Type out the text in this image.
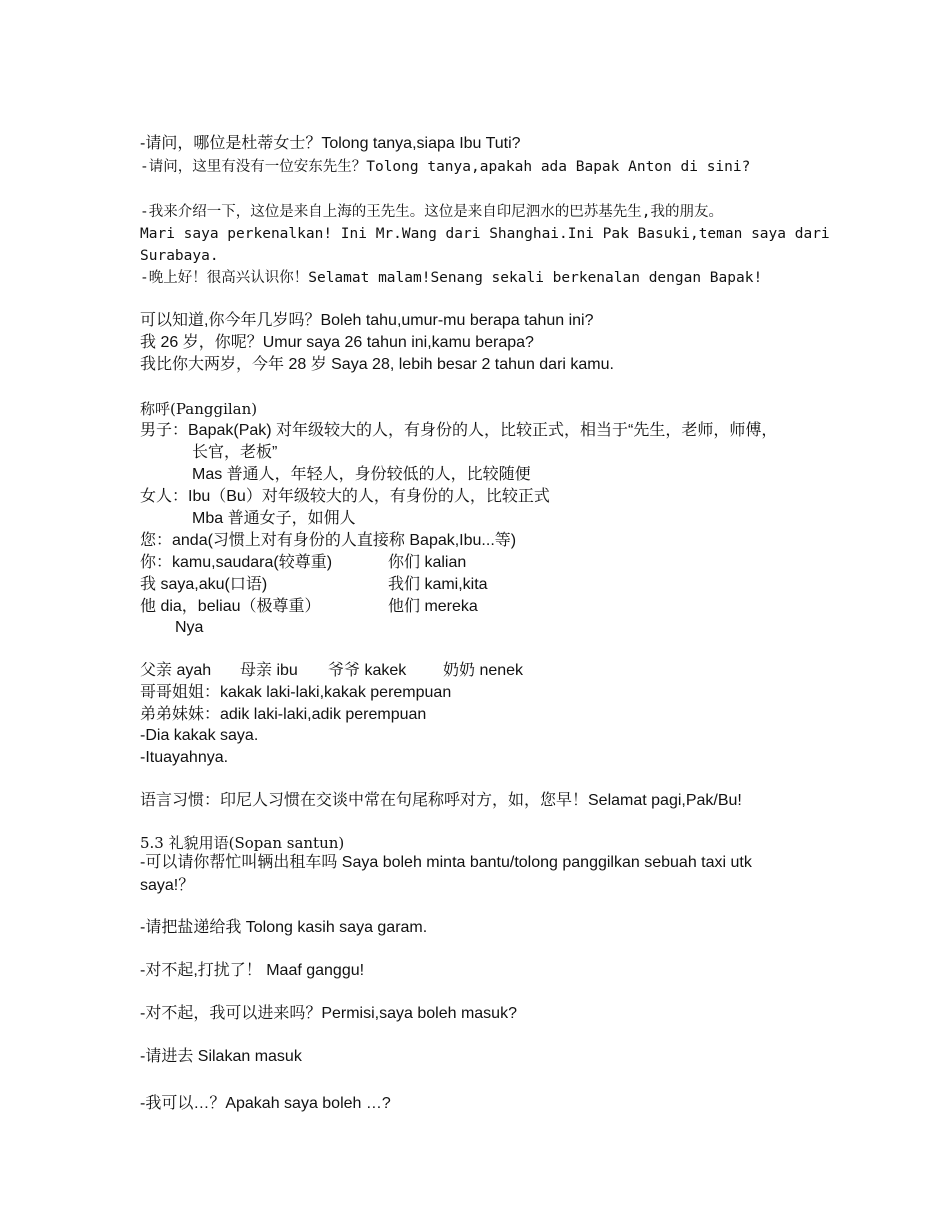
-请问，哪位是杜蒂女士？Tolong tanya,siapa Ibu Tuti?
-请问，这里有没有一位安东先生？Tolong tanya,apakah ada Bapak Anton di sini?
-我来介绍一下，这位是来自上海的王先生。这位是来自印尼泗水的巴苏基先生,我的朋友。
Mari saya perkenalkan! Ini Mr.Wang dari Shanghai.Ini Pak Basuki,teman saya dari
Surabaya.
-晚上好！很高兴认识你！Selamat malam!Senang sekali berkenalan dengan Bapak!
可以知道,你今年几岁吗？Boleh tahu,umur-mu berapa tahun ini?
我 26 岁，你呢？Umur saya 26 tahun ini,kamu berapa?
我比你大两岁，今年 28 岁 Saya 28, lebih besar 2 tahun dari kamu.
称呼(Panggilan)
男子：Bapak(Pak) 对年级较大的人，有身份的人，比较正式，相当于“先生，老师，师傅，
长官，老板”
Mas 普通人，年轻人，身份较低的人，比较随便
女人：Ibu（Bu）对年级较大的人，有身份的人，比较正式
Mba 普通女子，如佣人
您：anda(习惯上对有身份的人直接称 Bapak,Ibu...等)
你：kamu,saudara(较尊重)	你们 kalian
我 saya,aku(口语)	我们 kami,kita
他 dia，beliau（极尊重）	他们 mereka
Nya
父亲 ayah 母亲 ibu 爷爷 kakek 奶奶 nenek
哥哥姐姐：kakak laki-laki,kakak perempuan
弟弟妹妹：adik laki-laki,adik perempuan
-Dia kakak saya.
-Ituayahnya.
语言习惯：印尼人习惯在交谈中常在句尾称呼对方，如，您早！Selamat pagi,Pak/Bu!
5.3 礼貌用语(Sopan santun)
-可以请你帮忙叫辆出租车吗 Saya boleh minta bantu/tolong panggilkan sebuah taxi utk
saya!？
-请把盐递给我 Tolong kasih saya garam.
-对不起,打扰了！ Maaf ganggu!
-对不起，我可以进来吗？Permisi,saya boleh masuk?
-请进去 Silakan masuk
-我可以…？Apakah saya boleh …?
